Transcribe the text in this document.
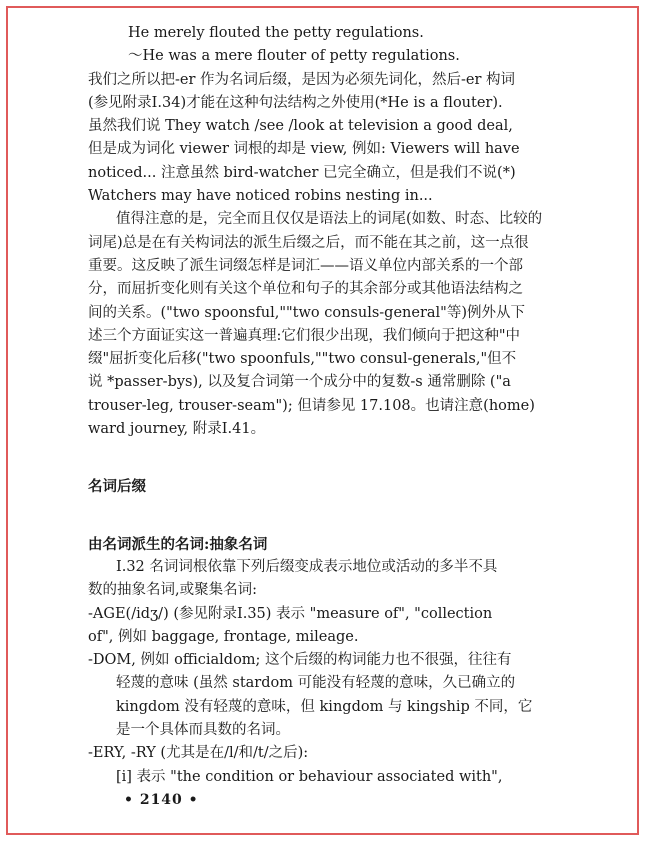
He merely flouted the petty regulations.
～He was a mere flouter of petty regulations.
我们之所以把-er 作为名词后缀，是因为必须先词化，然后-er 构词
(参见附录Ⅰ.34)才能在这种句法结构之外使用(*He is a flouter).
虽然我们说 They watch /see /look at television a good deal,
但是成为词化 viewer 词根的却是 view, 例如: Viewers will have
noticed... 注意虽然 bird-watcher 已完全确立，但是我们不说(*)
Watchers may have noticed robins nesting in...
值得注意的是，完全而且仅仅是语法上的词尾(如数、时态、比较的
词尾)总是在有关构词法的派生后缀之后，而不能在其之前，这一点很
重要。这反映了派生词缀怎样是词汇——语义单位内部关系的一个部
分，而屈折变化则有关这个单位和句子的其余部分或其他语法结构之
间的关系。("two spoonsful,""two consuls-general"等)例外从下
述三个方面证实这一普遍真理:它们很少出现，我们倾向于把这种"中
缀"屈折变化后移("two spoonfuls,""two consul-generals,"但不
说 *passer-bys), 以及复合词第一个成分中的复数-s 通常删除 ("a
trouser-leg, trouser-seam"); 但请参见 17.108。也请注意(home)
ward journey, 附录Ⅰ.41。
名词后缀
由名词派生的名词:抽象名词
Ⅰ.32 名词词根依靠下列后缀变成表示地位或活动的多半不具
数的抽象名词,或聚集名词:
-AGE(/idʒ/) (参见附录Ⅰ.35) 表示 "measure of", "collection
of", 例如 baggage, frontage, mileage.
-DOM, 例如 officialdom; 这个后缀的构词能力也不很强，往往有
轻蔑的意味 (虽然 stardom 可能没有轻蔑的意味，久已确立的
kingdom 没有轻蔑的意味，但 kingdom 与 kingship 不同，它
是一个具体而具数的名词。
-ERY, -RY (尤其是在/l/和/t/之后):
[i] 表示 "the condition or behaviour associated with",
• 2140 •
